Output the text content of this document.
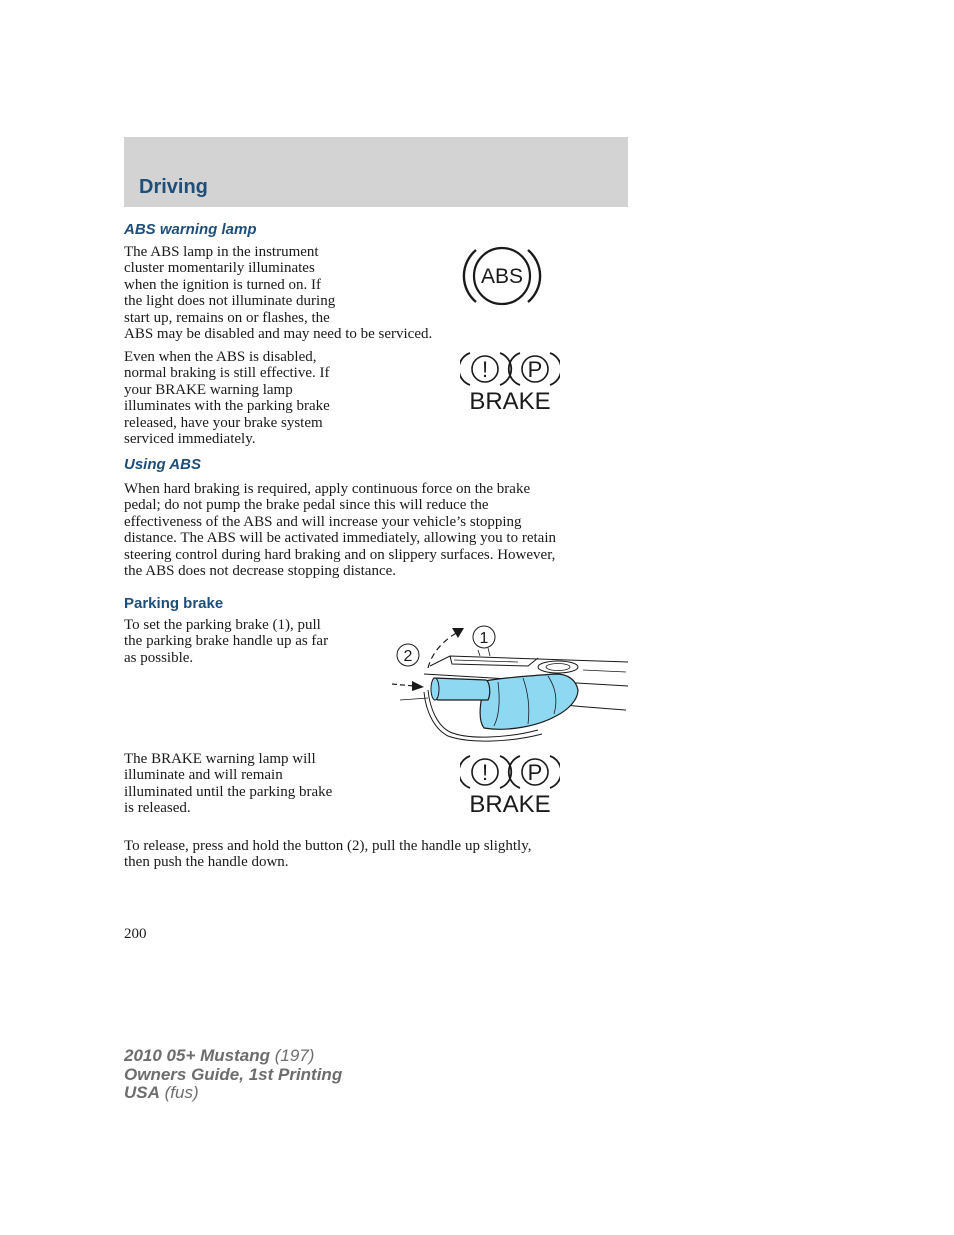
Driving
ABS warning lamp

The ABS lamp in the instrument
cluster momentarily illuminates
when the ignition is turned on. If
the light does not illuminate during
start up, remains on or flashes, the
ABS may be disabled and may need to be serviced.

ABS

Even when the ABS is disabled,
normal braking is still effective. If
your BRAKE warning lamp
illuminates with the parking brake
released, have your brake system
serviced immediately.

! P
BRAKE
Using ABS

When hard braking is required, apply continuous force on the brake
pedal; do not pump the brake pedal since this will reduce the
effectiveness of the ABS and will increase your vehicle’s stopping
distance. The ABS will be activated immediately, allowing you to retain
steering control during hard braking and on slippery surfaces. However,
the ABS does not decrease stopping distance.

Parking brake

To set the parking brake (1), pull
the parking brake handle up as far
as possible.

1
2

The BRAKE warning lamp will
illuminate and will remain
illuminated until the parking brake
is released.

! P
BRAKE

To release, press and hold the button (2), pull the handle up slightly,
then push the handle down.

200

2010 05+ Mustang (197)
Owners Guide, 1st Printing
USA (fus)
